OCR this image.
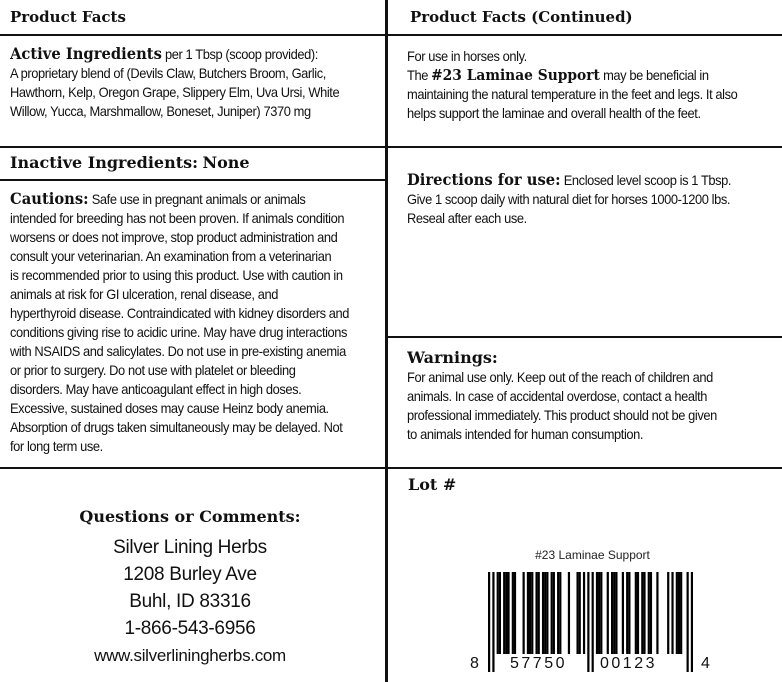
Product Facts
Active Ingredients per 1 Tbsp (scoop provided):
A proprietary blend of (Devils Claw, Butchers Broom, Garlic,
Hawthorn, Kelp, Oregon Grape, Slippery Elm, Uva Ursi, White
Willow, Yucca, Marshmallow, Boneset, Juniper) 7370 mg
Inactive Ingredients: None
Cautions: Safe use in pregnant animals or animals
intended for breeding has not been proven. If animals condition
worsens or does not improve, stop product administration and
consult your veterinarian. An examination from a veterinarian
is recommended prior to using this product. Use with caution in
animals at risk for GI ulceration, renal disease, and
hyperthyroid disease. Contraindicated with kidney disorders and
conditions giving rise to acidic urine. May have drug interactions
with NSAIDS and salicylates. Do not use in pre-existing anemia
or prior to surgery. Do not use with platelet or bleeding
disorders. May have anticoagulant effect in high doses.
Excessive, sustained doses may cause Heinz body anemia.
Absorption of drugs taken simultaneously may be delayed. Not
for long term use.
Questions or Comments:
Silver Lining Herbs
1208 Burley Ave
Buhl, ID 83316
1-866-543-6956
www.silverliningherbs.com
Product Facts (Continued)
For use in horses only.
The #23 Laminae Support may be beneficial in
maintaining the natural temperature in the feet and legs. It also
helps support the laminae and overall health of the feet.
Directions for use: Enclosed level scoop is 1 Tbsp.
Give 1 scoop daily with natural diet for horses 1000-1200 lbs.
Reseal after each use.
Warnings:
For animal use only. Keep out of the reach of children and
animals. In case of accidental overdose, contact a health
professional immediately. This product should not be given
to animals intended for human consumption.
Lot #
#23 Laminae Support
8 57750 00123	4
